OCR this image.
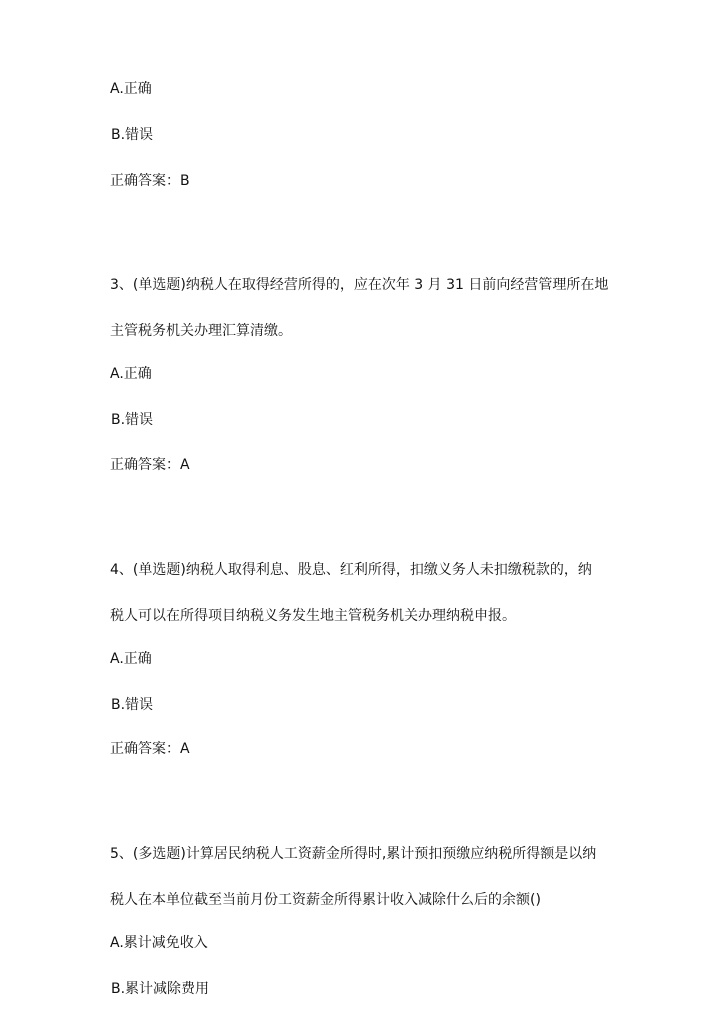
A.正确
B.错误
正确答案：B
3、(单选题)纳税人在取得经营所得的，应在次年 3 月 31 日前向经营管理所在地
主管税务机关办理汇算清缴。
A.正确
B.错误
正确答案：A
4、(单选题)纳税人取得利息、股息、红利所得，扣缴义务人未扣缴税款的，纳
税人可以在所得项目纳税义务发生地主管税务机关办理纳税申报。
A.正确
B.错误
正确答案：A
5、(多选题)计算居民纳税人工资薪金所得时,累计预扣预缴应纳税所得额是以纳
税人在本单位截至当前月份工资薪金所得累计收入减除什么后的余额()
A.累计减免收入
B.累计减除费用
